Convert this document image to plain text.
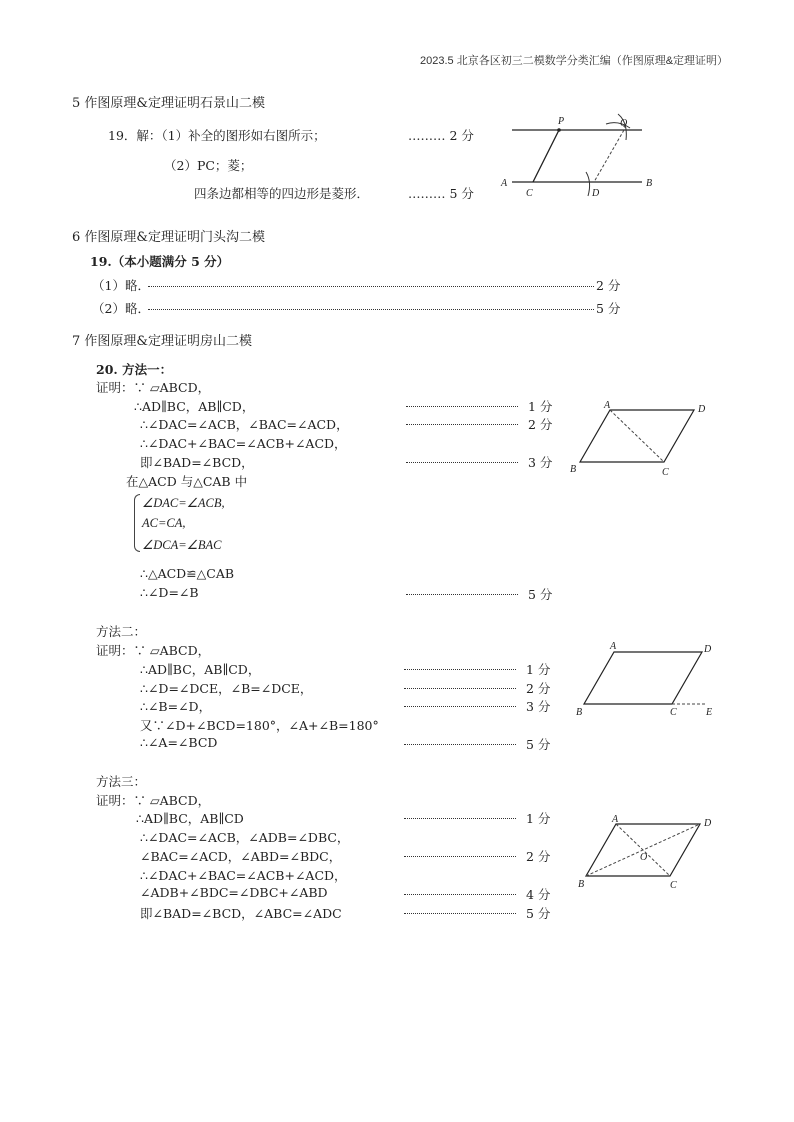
2023.5 北京各区初三二模数学分类汇编（作图原理&定理证明）
5 作图原理&定理证明石景山二模
19．解：（1）补全的图形如右图所示；	……… 2 分
（2）PC；菱；
四条边都相等的四边形是菱形．	……… 5 分
P	Q
A	B
C	D
6 作图原理&定理证明门头沟二模
19.（本小题满分 5 分）
（1）略．	2 分
（2）略．	5 分
7 作图原理&定理证明房山二模
20. 方法一：
证明：∵ ▱ABCD，
∴AD∥BC，AB∥CD，	1 分
∴∠DAC=∠ACB，∠BAC=∠ACD，	2 分
∴∠DAC+∠BAC=∠ACB+∠ACD，
即∠BAD=∠BCD，	3 分
在△ACD 与△CAB 中
∠DAC=∠ACB,
AC=CA,
∠DCA=∠BAC
∴△ACD≌△CAB
∴∠D=∠B	5 分
A	D
B	C
方法二：
证明：∵ ▱ABCD，
∴AD∥BC，AB∥CD，	1 分
∴∠D=∠DCE，∠B=∠DCE，	2 分
∴∠B=∠D，	3 分
又∵∠D+∠BCD=180°，∠A+∠B=180°
∴∠A=∠BCD	5 分
A	D
B	C	E
方法三：
证明：∵ ▱ABCD，
∴AD∥BC，AB∥CD	1 分
∴∠DAC=∠ACB，∠ADB=∠DBC，
∠BAC=∠ACD，∠ABD=∠BDC，	2 分
∴∠DAC+∠BAC=∠ACB+∠ACD，
∠ADB+∠BDC=∠DBC+∠ABD	4 分
即∠BAD=∠BCD，∠ABC=∠ADC	5 分
A	D
B	C
O
